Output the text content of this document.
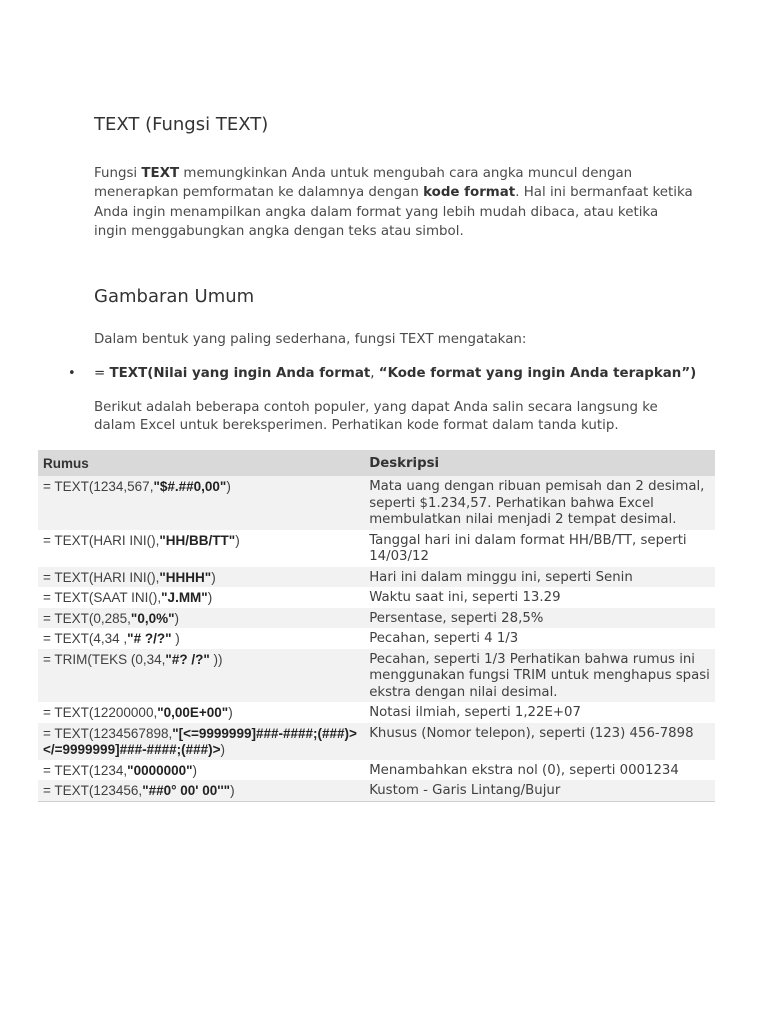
TEXT (Fungsi TEXT)

Fungsi TEXT memungkinkan Anda untuk mengubah cara angka muncul dengan menerapkan pemformatan ke dalamnya dengan kode format. Hal ini bermanfaat ketika Anda ingin menampilkan angka dalam format yang lebih mudah dibaca, atau ketika ingin menggabungkan angka dengan teks atau simbol.

Gambaran Umum

Dalam bentuk yang paling sederhana, fungsi TEXT mengatakan:

• = TEXT(Nilai yang ingin Anda format, “Kode format yang ingin Anda terapkan”)

Berikut adalah beberapa contoh populer, yang dapat Anda salin secara langsung ke dalam Excel untuk bereksperimen. Perhatikan kode format dalam tanda kutip.

Rumus	Deskripsi
= TEXT(1234,567,"$#.##0,00")	Mata uang dengan ribuan pemisah dan 2 desimal, seperti $1.234,57. Perhatikan bahwa Excel membulatkan nilai menjadi 2 tempat desimal.
= TEXT(HARI INI(),"HH/BB/TT")	Tanggal hari ini dalam format HH/BB/TT, seperti 14/03/12
= TEXT(HARI INI(),"HHHH")	Hari ini dalam minggu ini, seperti Senin
= TEXT(SAAT INI(),"J.MM")	Waktu saat ini, seperti 13.29
= TEXT(0,285,"0,0%")	Persentase, seperti 28,5%
= TEXT(4,34 ,"# ?/?" )	Pecahan, seperti 4 1/3
= TRIM(TEKS (0,34,"#? /?" ))	Pecahan, seperti 1/3 Perhatikan bahwa rumus ini menggunakan fungsi TRIM untuk menghapus spasi ekstra dengan nilai desimal.
= TEXT(12200000,"0,00E+00")	Notasi ilmiah, seperti 1,22E+07
= TEXT(1234567898,"[<=9999999]###-####;(###)></=9999999]###-####;(###)>)	Khusus (Nomor telepon), seperti (123) 456-7898
= TEXT(1234,"0000000")	Menambahkan ekstra nol (0), seperti 0001234
= TEXT(123456,"##0° 00' 00''")	Kustom - Garis Lintang/Bujur
